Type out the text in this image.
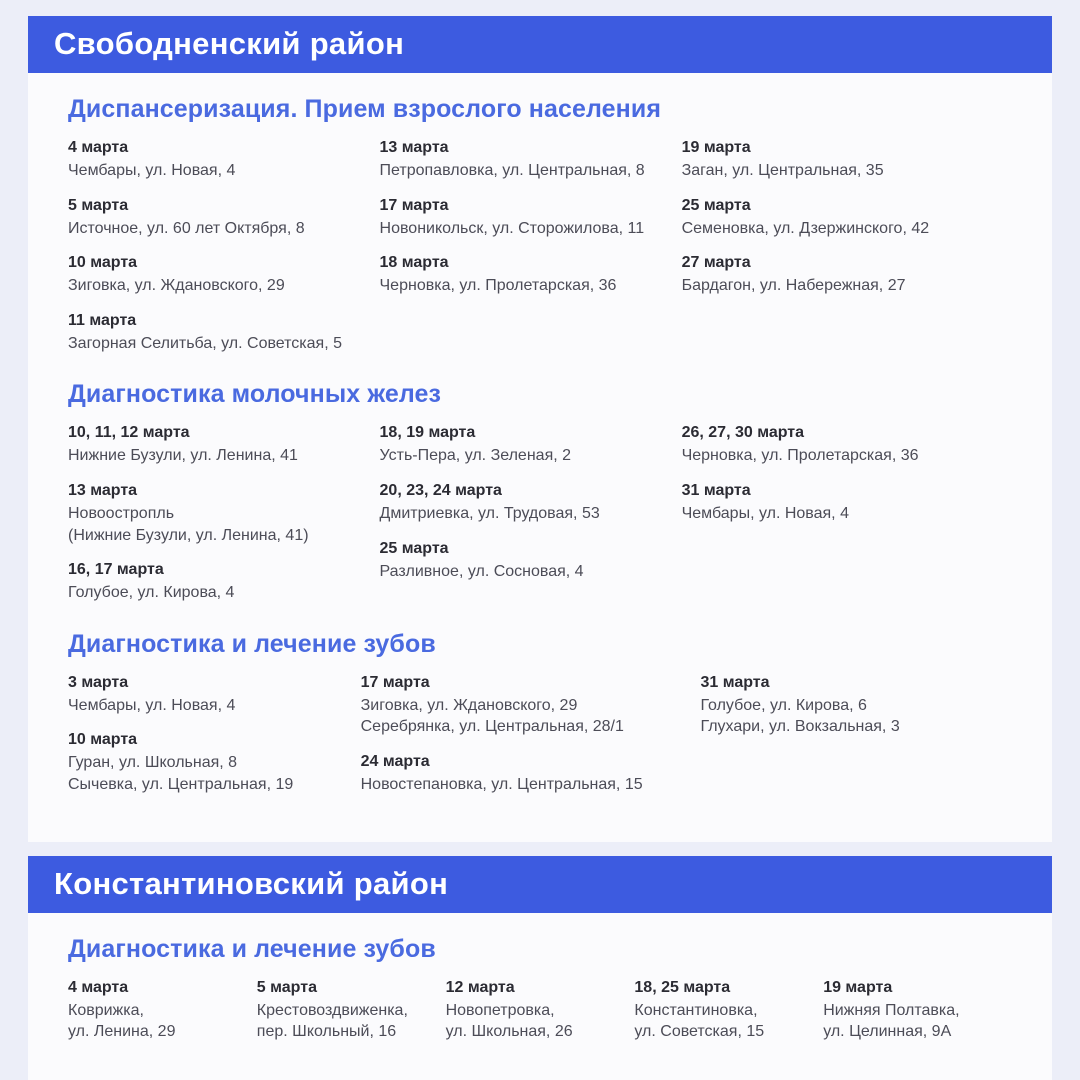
Свободненский район
Диспансеризация. Прием взрослого населения
4 марта
Чембары, ул. Новая, 4
5 марта
Источное, ул. 60 лет Октября, 8
10 марта
Зиговка, ул. Ждановского, 29
11 марта
Загорная Селитьба, ул. Советская, 5
13 марта
Петропавловка, ул. Центральная, 8
17 марта
Новоникольск, ул. Сторожилова, 11
18 марта
Черновка, ул. Пролетарская, 36
19 марта
Заган, ул. Центральная, 35
25 марта
Семеновка, ул. Дзержинского, 42
27 марта
Бардагон, ул. Набережная, 27
Диагностика молочных желез
10, 11, 12 марта
Нижние Бузули, ул. Ленина, 41
13 марта
Новоостропль
(Нижние Бузули, ул. Ленина, 41)
16, 17 марта
Голубое, ул. Кирова, 4
18, 19 марта
Усть-Пера, ул. Зеленая, 2
20, 23, 24 марта
Дмитриевка, ул. Трудовая, 53
25 марта
Разливное, ул. Сосновая, 4
26, 27, 30 марта
Черновка, ул. Пролетарская, 36
31 марта
Чембары, ул. Новая, 4
Диагностика и лечение зубов
3 марта
Чембары, ул. Новая, 4
10 марта
Гуран, ул. Школьная, 8
Сычевка, ул. Центральная, 19
17 марта
Зиговка, ул. Ждановского, 29
Серебрянка, ул. Центральная, 28/1
24 марта
Новостепановка, ул. Центральная, 15
31 марта
Голубое, ул. Кирова, 6
Глухари, ул. Вокзальная, 3
Константиновский район
Диагностика и лечение зубов
4 марта
Коврижка,
ул. Ленина, 29
5 марта
Крестовоздвиженка,
пер. Школьный, 16
12 марта
Новопетровка,
ул. Школьная, 26
18, 25 марта
Константиновка,
ул. Советская, 15
19 марта
Нижняя Полтавка,
ул. Целинная, 9А
